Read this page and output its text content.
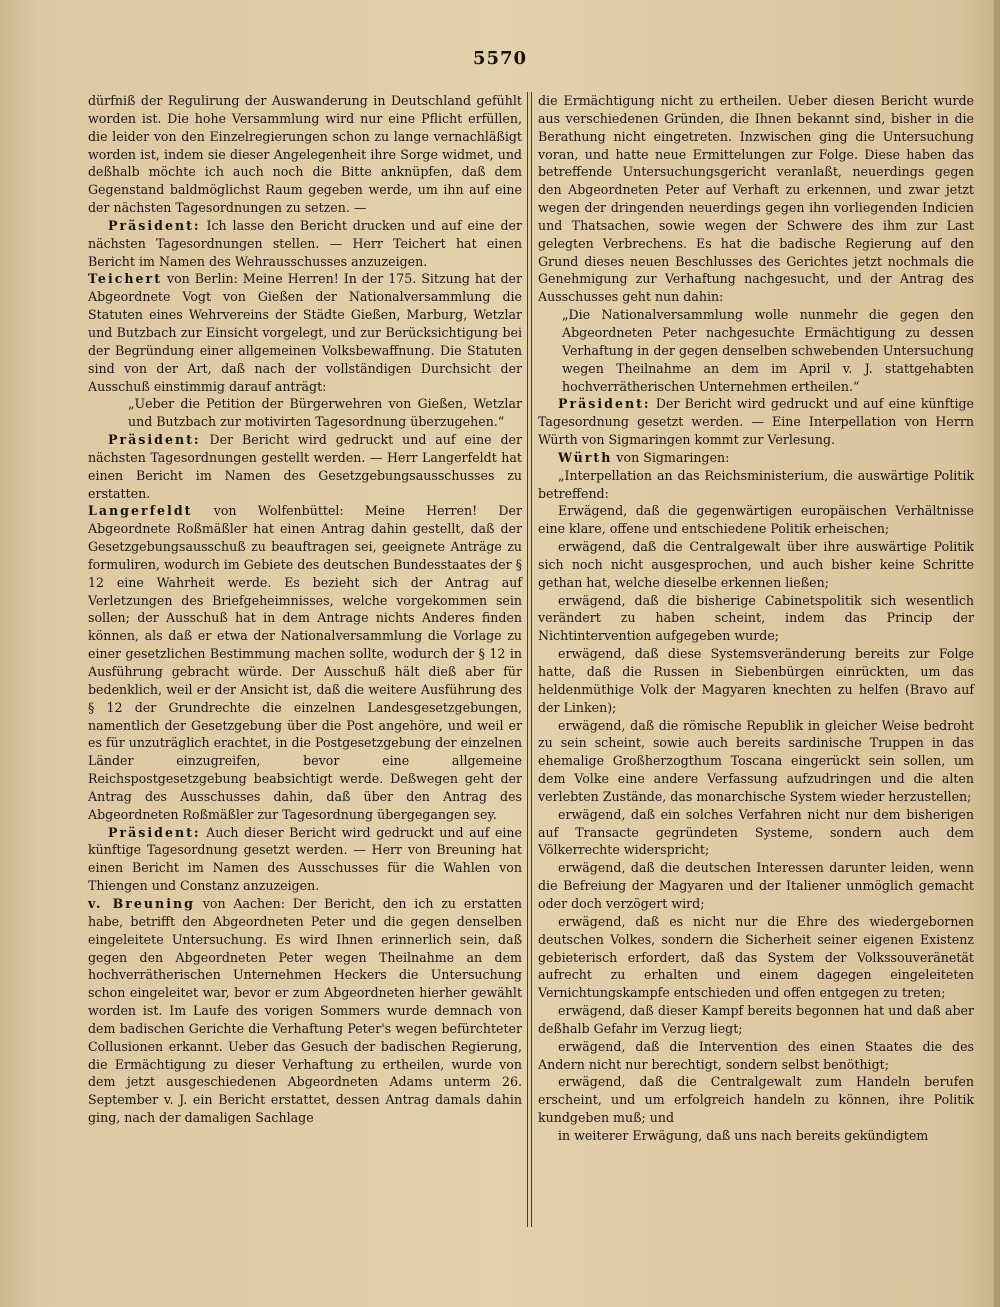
5570

dürfniß der Regulirung der Auswanderung in Deutschland gefühlt worden ist. Die hohe Versammlung wird nur eine Pflicht erfüllen, die leider von den Einzelregierungen schon zu lange vernachläßigt worden ist, indem sie dieser Angelegenheit ihre Sorge widmet, und deßhalb möchte ich auch noch die Bitte anknüpfen, daß dem Gegenstand baldmöglichst Raum gegeben werde, um ihn auf eine der nächsten Tagesordnungen zu setzen. —

Präsident: Ich lasse den Bericht drucken und auf eine der nächsten Tagesordnungen stellen. — Herr Teichert hat einen Bericht im Namen des Wehrausschusses anzuzeigen.

Teichert von Berlin: Meine Herren! In der 175. Sitzung hat der Abgeordnete Vogt von Gießen der Nationalversammlung die Statuten eines Wehrvereins der Städte Gießen, Marburg, Wetzlar und Butzbach zur Einsicht vorgelegt, und zur Berücksichtigung bei der Begründung einer allgemeinen Volksbewaffnung. Die Statuten sind von der Art, daß nach der vollständigen Durchsicht der Ausschuß einstimmig darauf anträgt:

„Ueber die Petition der Bürgerwehren von Gießen, Wetzlar und Butzbach zur motivirten Tagesordnung überzugehen.“

Präsident: Der Bericht wird gedruckt und auf eine der nächsten Tagesordnungen gestellt werden. — Herr Langerfeldt hat einen Bericht im Namen des Gesetzgebungsausschusses zu erstatten.

Langerfeldt von Wolfenbüttel: Meine Herren! Der Abgeordnete Roßmäßler hat einen Antrag dahin gestellt, daß der Gesetzgebungsausschuß zu beauftragen sei, geeignete Anträge zu formuliren, wodurch im Gebiete des deutschen Bundesstaates der § 12 eine Wahrheit werde. Es bezieht sich der Antrag auf Verletzungen des Briefgeheimnisses, welche vorgekommen sein sollen; der Ausschuß hat in dem Antrage nichts Anderes finden können, als daß er etwa der Nationalversammlung die Vorlage zu einer gesetzlichen Bestimmung machen sollte, wodurch der § 12 in Ausführung gebracht würde. Der Ausschuß hält dieß aber für bedenklich, weil er der Ansicht ist, daß die weitere Ausführung des § 12 der Grundrechte die einzelnen Landesgesetzgebungen, namentlich der Gesetzgebung über die Post angehöre, und weil er es für unzuträglich erachtet, in die Postgesetzgebung der einzelnen Länder einzugreifen, bevor eine allgemeine Reichspostgesetzgebung beabsichtigt werde. Deßwegen geht der Antrag des Ausschusses dahin, daß über den Antrag des Abgeordneten Roßmäßler zur Tagesordnung übergegangen sey.

Präsident: Auch dieser Bericht wird gedruckt und auf eine künftige Tagesordnung gesetzt werden. — Herr von Breuning hat einen Bericht im Namen des Ausschusses für die Wahlen von Thiengen und Constanz anzuzeigen.

v. Breuning von Aachen: Der Bericht, den ich zu erstatten habe, betrifft den Abgeordneten Peter und die gegen denselben eingeleitete Untersuchung. Es wird Ihnen erinnerlich sein, daß gegen den Abgeordneten Peter wegen Theilnahme an dem hochverrätherischen Unternehmen Heckers die Untersuchung schon eingeleitet war, bevor er zum Abgeordneten hierher gewählt worden ist. Im Laufe des vorigen Sommers wurde demnach von dem badischen Gerichte die Verhaftung Peter's wegen befürchteter Collusionen erkannt. Ueber das Gesuch der badischen Regierung, die Ermächtigung zu dieser Verhaftung zu ertheilen, wurde von dem jetzt ausgeschiedenen Abgeordneten Adams unterm 26. September v. J. ein Bericht erstattet, dessen Antrag damals dahin ging, nach der damaligen Sachlage

die Ermächtigung nicht zu ertheilen. Ueber diesen Bericht wurde aus verschiedenen Gründen, die Ihnen bekannt sind, bisher in die Berathung nicht eingetreten. Inzwischen ging die Untersuchung voran, und hatte neue Ermittelungen zur Folge. Diese haben das betreffende Untersuchungsgericht veranlaßt, neuerdings gegen den Abgeordneten Peter auf Verhaft zu erkennen, und zwar jetzt wegen der dringenden neuerdings gegen ihn vorliegenden Indicien und Thatsachen, sowie wegen der Schwere des ihm zur Last gelegten Verbrechens. Es hat die badische Regierung auf den Grund dieses neuen Beschlusses des Gerichtes jetzt nochmals die Genehmigung zur Verhaftung nachgesucht, und der Antrag des Ausschusses geht nun dahin:

„Die Nationalversammlung wolle nunmehr die gegen den Abgeordneten Peter nachgesuchte Ermächtigung zu dessen Verhaftung in der gegen denselben schwebenden Untersuchung wegen Theilnahme an dem im April v. J. stattgehabten hochverrätherischen Unternehmen ertheilen.“

Präsident: Der Bericht wird gedruckt und auf eine künftige Tagesordnung gesetzt werden. — Eine Interpellation von Herrn Würth von Sigmaringen kommt zur Verlesung.

Würth von Sigmaringen:

„Interpellation an das Reichsministerium, die auswärtige Politik betreffend:

Erwägend, daß die gegenwärtigen europäischen Verhältnisse eine klare, offene und entschiedene Politik erheischen;

erwägend, daß die Centralgewalt über ihre auswärtige Politik sich noch nicht ausgesprochen, und auch bisher keine Schritte gethan hat, welche dieselbe erkennen ließen;

erwägend, daß die bisherige Cabinetspolitik sich wesentlich verändert zu haben scheint, indem das Princip der Nichtintervention aufgegeben wurde;

erwägend, daß diese Systemsveränderung bereits zur Folge hatte, daß die Russen in Siebenbürgen einrückten, um das heldenmüthige Volk der Magyaren knechten zu helfen (Bravo auf der Linken);

erwägend, daß die römische Republik in gleicher Weise bedroht zu sein scheint, sowie auch bereits sardinische Truppen in das ehemalige Großherzogthum Toscana eingerückt sein sollen, um dem Volke eine andere Verfassung aufzudringen und die alten verlebten Zustände, das monarchische System wieder herzustellen;

erwägend, daß ein solches Verfahren nicht nur dem bisherigen auf Transacte gegründeten Systeme, sondern auch dem Völkerrechte widerspricht;

erwägend, daß die deutschen Interessen darunter leiden, wenn die Befreiung der Magyaren und der Italiener unmöglich gemacht oder doch verzögert wird;

erwägend, daß es nicht nur die Ehre des wiedergebornen deutschen Volkes, sondern die Sicherheit seiner eigenen Existenz gebieterisch erfordert, daß das System der Volkssouveränetät aufrecht zu erhalten und einem dagegen eingeleiteten Vernichtungskampfe entschieden und offen entgegen zu treten;

erwägend, daß dieser Kampf bereits begonnen hat und daß aber deßhalb Gefahr im Verzug liegt;

erwägend, daß die Intervention des einen Staates die des Andern nicht nur berechtigt, sondern selbst benöthigt;

erwägend, daß die Centralgewalt zum Handeln berufen erscheint, und um erfolgreich handeln zu können, ihre Politik kundgeben muß; und

in weiterer Erwägung, daß uns nach bereits gekündigtem
